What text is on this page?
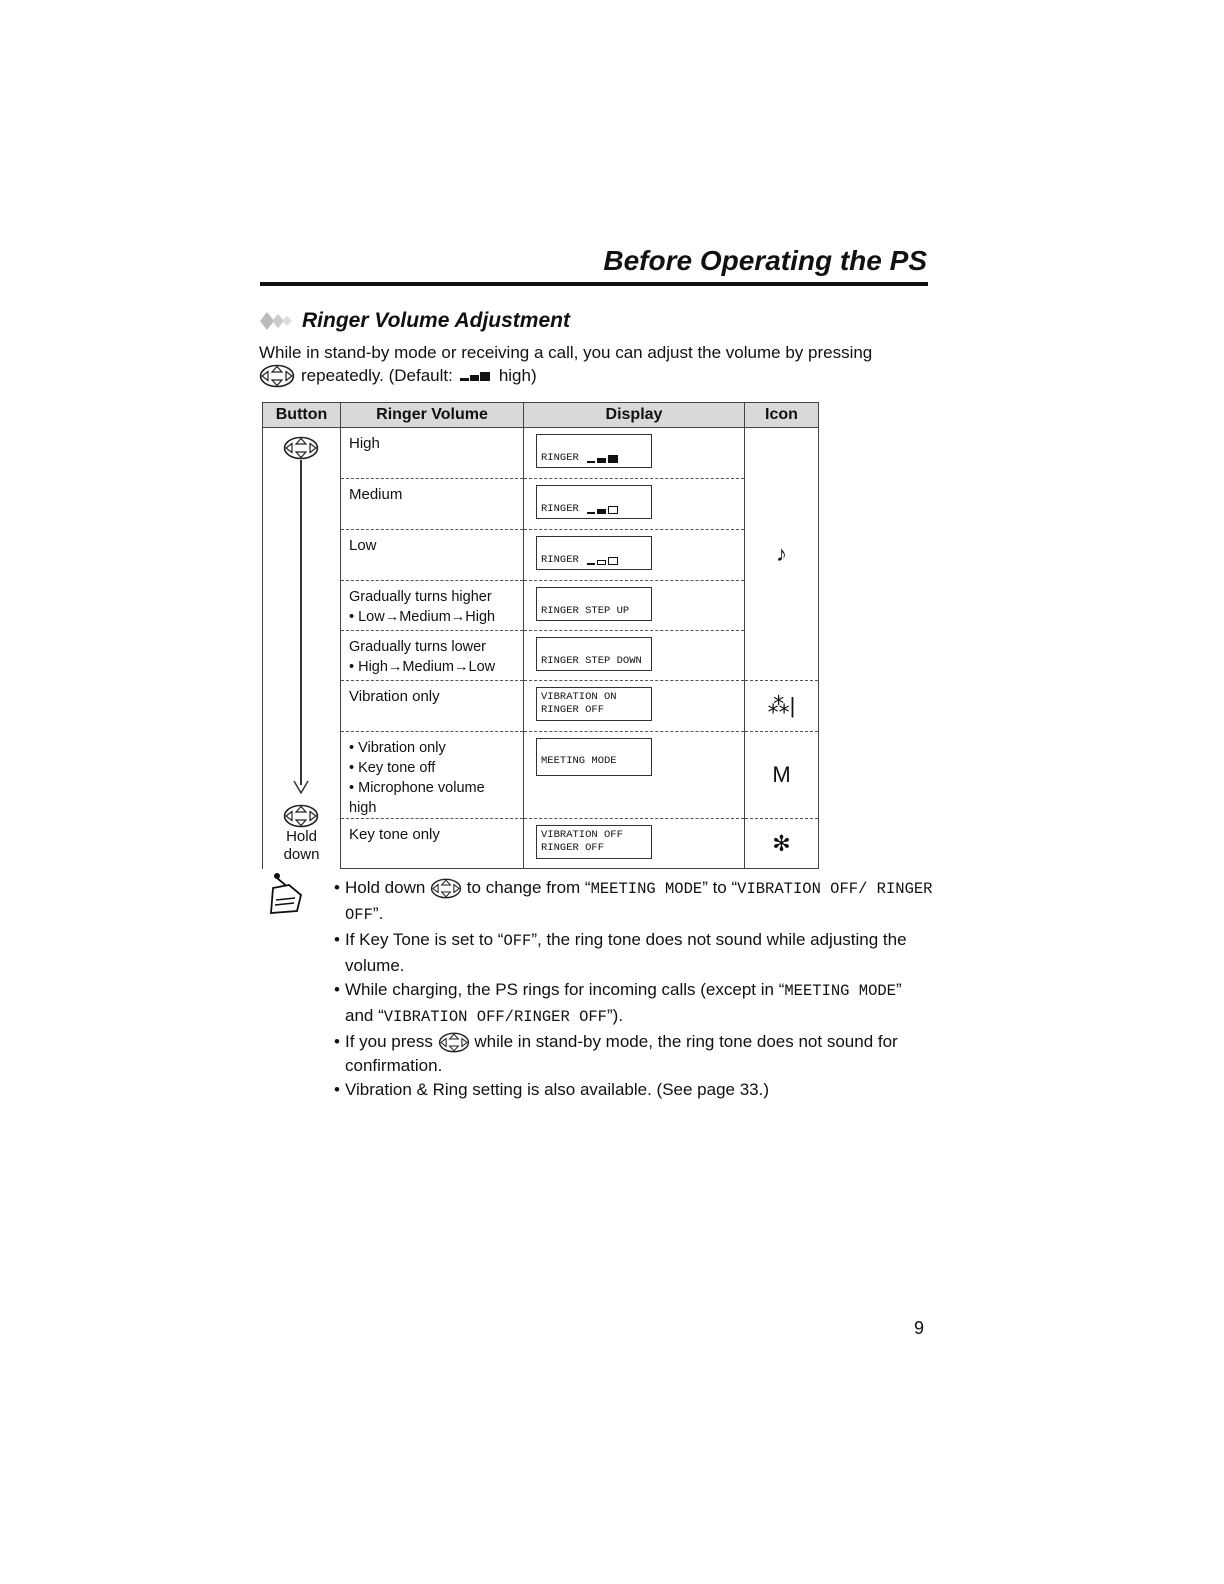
Before Operating the PS
Ringer Volume Adjustment
While in stand-by mode or receiving a call, you can adjust the volume by pressing
repeatedly. (Default:	high)
Button	Ringer Volume	Display	Icon

Hold
down	High	RINGER	♪
	Medium	RINGER	

	Low	RINGER	

	Gradually turns higher
• Low→Medium→High	RINGER STEP UP	

	Gradually turns lower
• High→Medium→Low	RINGER STEP DOWN	

	Vibration only	VIBRATION ON
RINGER OFF	⁂|

	• Vibration only
• Key tone off
• Microphone volume high	MEETING MODE	M
	Key tone only	VIBRATION OFF
RINGER OFF	✻
• Hold down to change from “MEETING MODE” to “VIBRATION OFF/ RINGER OFF”.
• If Key Tone is set to “OFF”, the ring tone does not sound while adjusting the volume.
• While charging, the PS rings for incoming calls (except in “MEETING MODE” and “VIBRATION OFF/RINGER OFF”).
• If you press while in stand-by mode, the ring tone does not sound for confirmation.
• Vibration & Ring setting is also available. (See page 33.)
9
